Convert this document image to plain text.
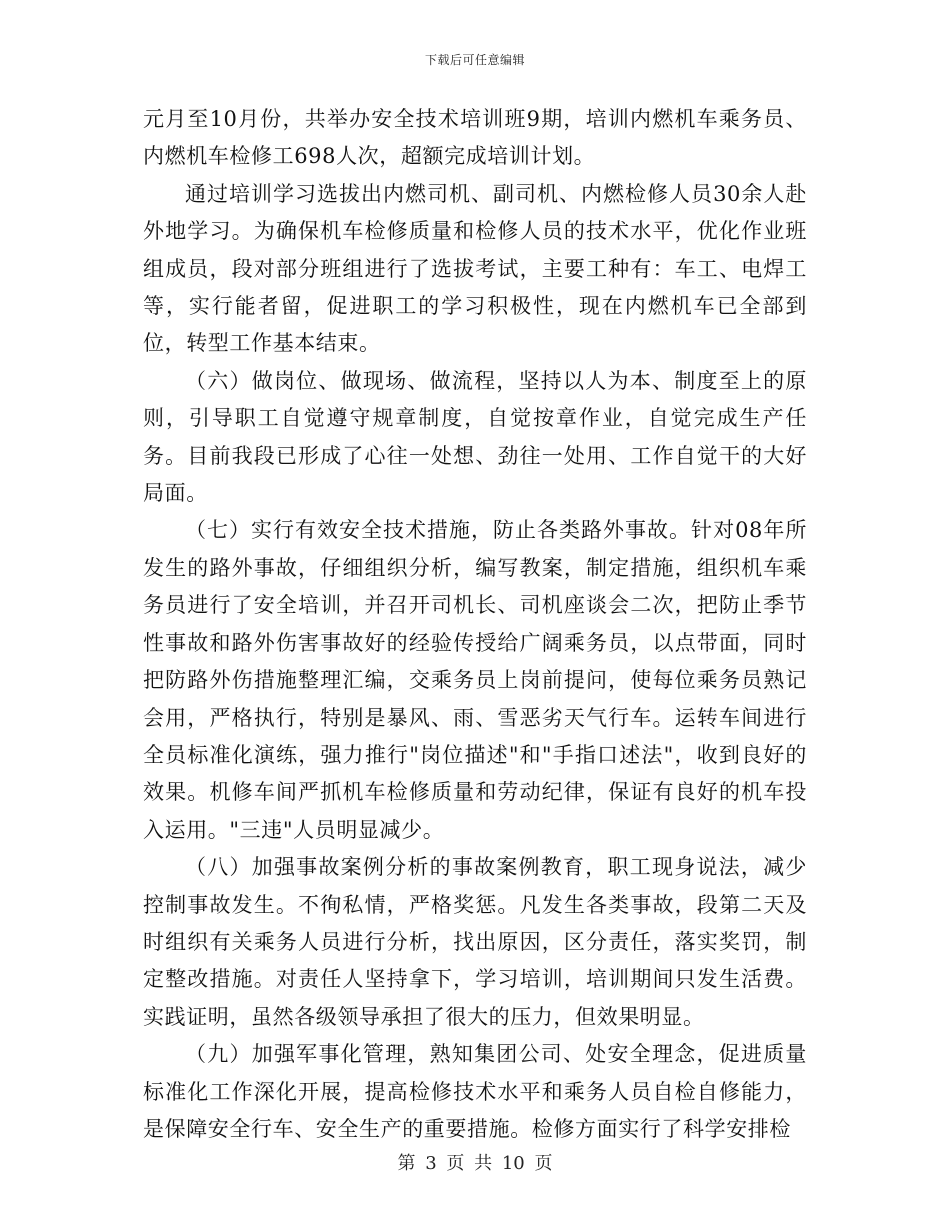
下载后可任意编辑

元月至10月份，共举办安全技术培训班9期，培训内燃机车乘务员、内燃机车检修工698人次，超额完成培训计划。

通过培训学习选拔出内燃司机、副司机、内燃检修人员30余人赴外地学习。为确保机车检修质量和检修人员的技术水平，优化作业班组成员，段对部分班组进行了选拔考试，主要工种有：车工、电焊工等，实行能者留，促进职工的学习积极性，现在内燃机车已全部到位，转型工作基本结束。

（六）做岗位、做现场、做流程，坚持以人为本、制度至上的原则，引导职工自觉遵守规章制度，自觉按章作业，自觉完成生产任务。目前我段已形成了心往一处想、劲往一处用、工作自觉干的大好局面。

（七）实行有效安全技术措施，防止各类路外事故。针对08年所发生的路外事故，仔细组织分析，编写教案，制定措施，组织机车乘务员进行了安全培训，并召开司机长、司机座谈会二次，把防止季节性事故和路外伤害事故好的经验传授给广阔乘务员，以点带面，同时把防路外伤措施整理汇编，交乘务员上岗前提问，使每位乘务员熟记会用，严格执行，特别是暴风、雨、雪恶劣天气行车。运转车间进行全员标准化演练，强力推行"岗位描述"和"手指口述法"，收到良好的效果。机修车间严抓机车检修质量和劳动纪律，保证有良好的机车投入运用。"三违"人员明显减少。

（八）加强事故案例分析的事故案例教育，职工现身说法，减少控制事故发生。不徇私情，严格奖惩。凡发生各类事故，段第二天及时组织有关乘务人员进行分析，找出原因，区分责任，落实奖罚，制定整改措施。对责任人坚持拿下，学习培训，培训期间只发生活费。实践证明，虽然各级领导承担了很大的压力，但效果明显。

（九）加强军事化管理，熟知集团公司、处安全理念，促进质量标准化工作深化开展，提高检修技术水平和乘务人员自检自修能力，是保障安全行车、安全生产的重要措施。检修方面实行了科学安排检

第 3 页 共 10 页
